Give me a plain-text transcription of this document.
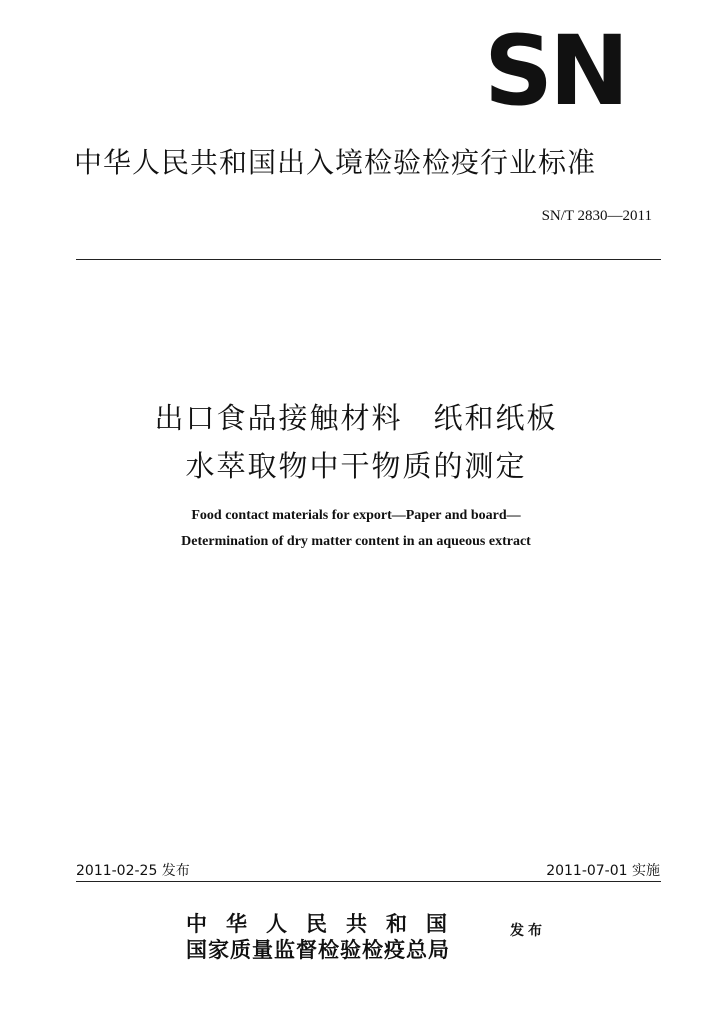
SN
中华人民共和国出入境检验检疫行业标准
SN/T 2830—2011
出口食品接触材料　纸和纸板
水萃取物中干物质的测定
Food contact materials for export—Paper and board—
Determination of dry matter content in an aqueous extract
2011-02-25 发布	2011-07-01 实施
中华人民共和国
国家质量监督检验检疫总局
发布
